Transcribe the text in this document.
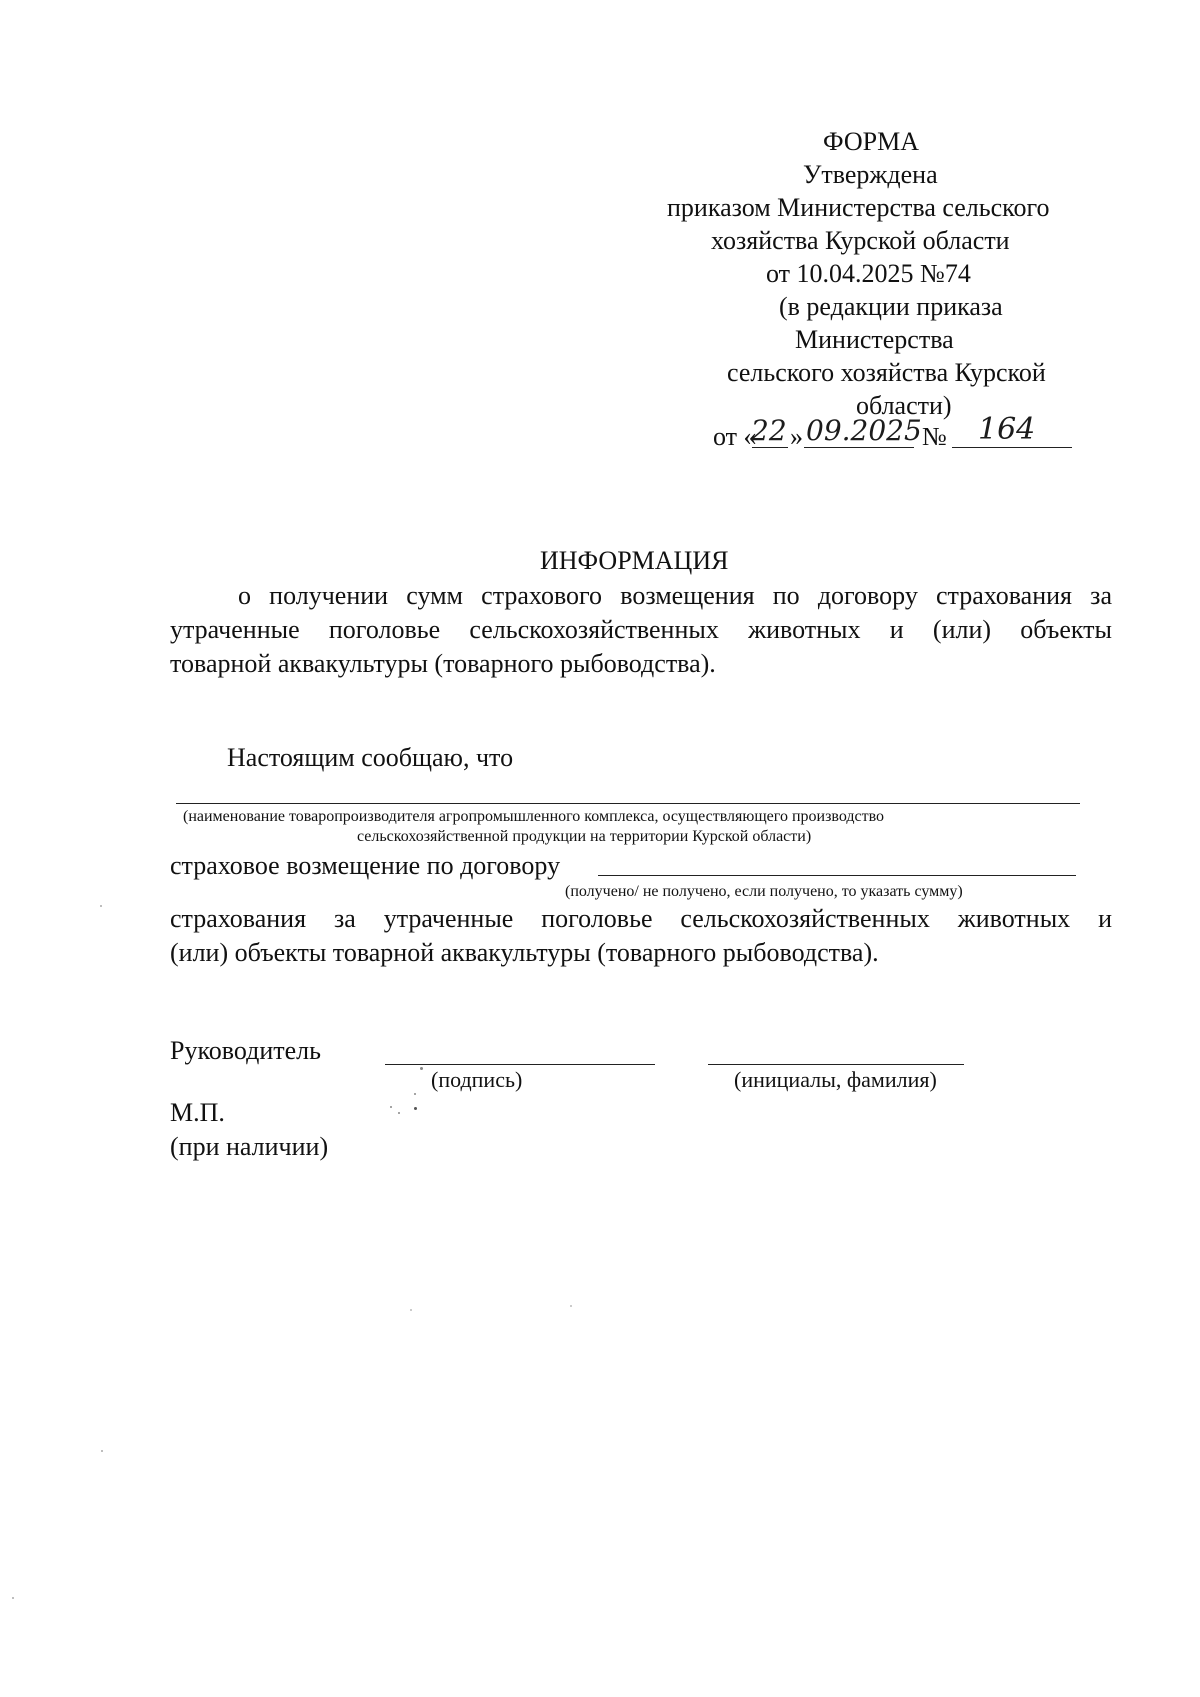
ФОРМА
Утверждена
приказом Министерства сельского
хозяйства Курской области
от 10.04.2025 №74
(в редакции приказа
Министерства
сельского хозяйства Курской
области)
от «
22 » 09.2025 № 164
ИНФОРМАЦИЯ
о получении сумм страхового возмещения по договору страхования за
утраченные поголовье сельскохозяйственных животных и (или) объекты
товарной аквакультуры (товарного рыбоводства).
Настоящим сообщаю, что
(наименование товаропроизводителя агропромышленного комплекса, осуществляющего производство
сельскохозяйственной продукции на территории Курской области)
страховое возмещение по договору
(получено/ не получено, если получено, то указать сумму)
страхования за утраченные поголовье сельскохозяйственных животных и
(или) объекты товарной аквакультуры (товарного рыбоводства).
Руководитель
(подпись)	(инициалы, фамилия)
М.П.
(при наличии)
